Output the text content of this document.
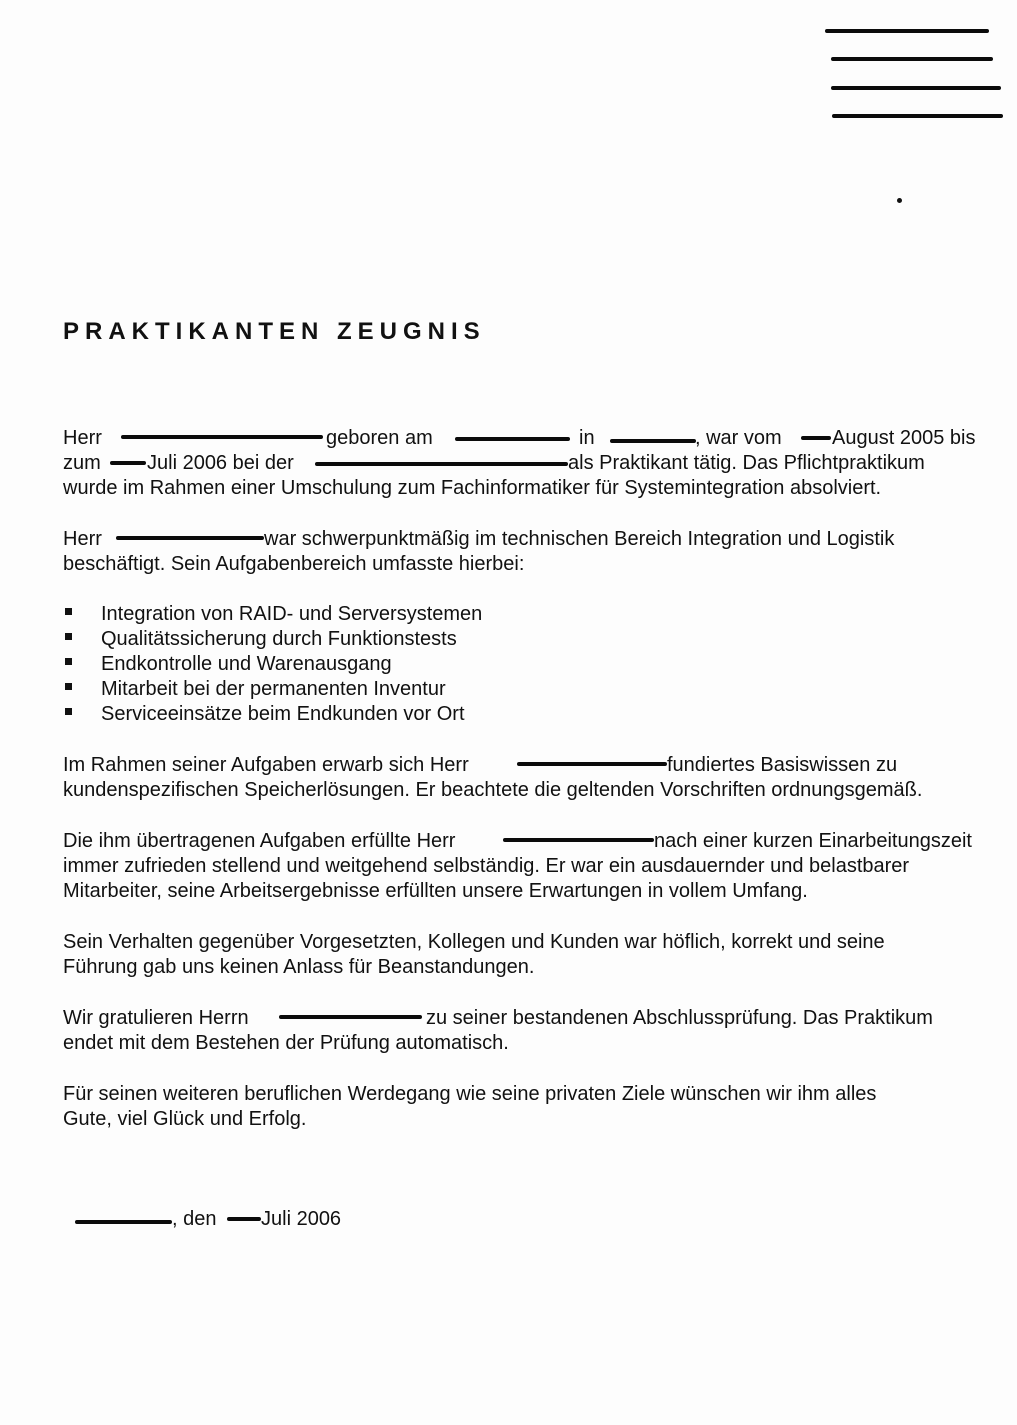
PRAKTIKANTEN ZEUGNIS
Herr	geboren am	in	, war vom	August 2005 bis
zum Juli 2006 bei der	als Praktikant tätig. Das Pflichtpraktikum
wurde im Rahmen einer Umschulung zum Fachinformatiker für Systemintegration absolviert.
Herr	war schwerpunktmäßig im technischen Bereich Integration und Logistik
beschäftigt. Sein Aufgabenbereich umfasste hierbei:
Integration von RAID- und Serversystemen
Qualitätssicherung durch Funktionstests
Endkontrolle und Warenausgang
Mitarbeit bei der permanenten Inventur
Serviceeinsätze beim Endkunden vor Ort
Im Rahmen seiner Aufgaben erwarb sich Herr	fundiertes Basiswissen zu
kundenspezifischen Speicherlösungen. Er beachtete die geltenden Vorschriften ordnungsgemäß.
Die ihm übertragenen Aufgaben erfüllte Herr	nach einer kurzen Einarbeitungszeit
immer zufrieden stellend und weitgehend selbständig. Er war ein ausdauernder und belastbarer
Mitarbeiter, seine Arbeitsergebnisse erfüllten unsere Erwartungen in vollem Umfang.
Sein Verhalten gegenüber Vorgesetzten, Kollegen und Kunden war höflich, korrekt und seine
Führung gab uns keinen Anlass für Beanstandungen.
Wir gratulieren Herrn	zu seiner bestandenen Abschlussprüfung. Das Praktikum
endet mit dem Bestehen der Prüfung automatisch.
Für seinen weiteren beruflichen Werdegang wie seine privaten Ziele wünschen wir ihm alles
Gute, viel Glück und Erfolg.
, den Juli 2006
